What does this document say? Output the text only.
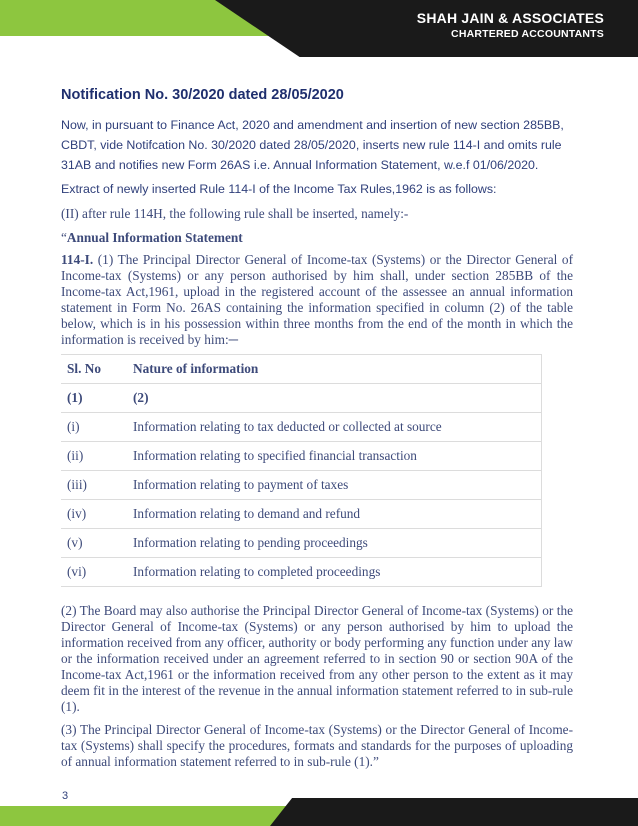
SHAH JAIN & ASSOCIATES
CHARTERED ACCOUNTANTS
Notification No. 30/2020 dated 28/05/2020

Now, in pursuant to Finance Act, 2020 and amendment and insertion of new section 285BB, CBDT, vide Notifcation No. 30/2020 dated 28/05/2020, inserts new rule 114-I and omits rule 31AB and notifies new Form 26AS i.e. Annual Information Statement, w.e.f 01/06/2020.

Extract of newly inserted Rule 114-I of the Income Tax Rules,1962 is as follows:

(II) after rule 114H, the following rule shall be inserted, namely:-

“Annual Information Statement

114-I. (1) The Principal Director General of Income-tax (Systems) or the Director General of Income-tax (Systems) or any person authorised by him shall, under section 285BB of the Income-tax Act,1961, upload in the registered account of the assessee an annual information statement in Form No. 26AS containing the information specified in column (2) of the table below, which is in his possession within three months from the end of the month in which the information is received by him:─

Sl. No	Nature of information
(1)	(2)
(i)	Information relating to tax deducted or collected at source
(ii)	Information relating to specified financial transaction
(iii)	Information relating to payment of taxes
(iv)	Information relating to demand and refund
(v)	Information relating to pending proceedings
(vi)	Information relating to completed proceedings

(2) The Board may also authorise the Principal Director General of Income-tax (Systems) or the Director General of Income-tax (Systems) or any person authorised by him to upload the information received from any officer, authority or body performing any function under any law or the information received under an agreement referred to in section 90 or section 90A of the Income-tax Act,1961 or the information received from any other person to the extent as it may deem fit in the interest of the revenue in the annual information statement referred to in sub-rule (1).

(3) The Principal Director General of Income-tax (Systems) or the Director General of Income-tax (Systems) shall specify the procedures, formats and standards for the purposes of uploading of annual information statement referred to in sub-rule (1).”

3
